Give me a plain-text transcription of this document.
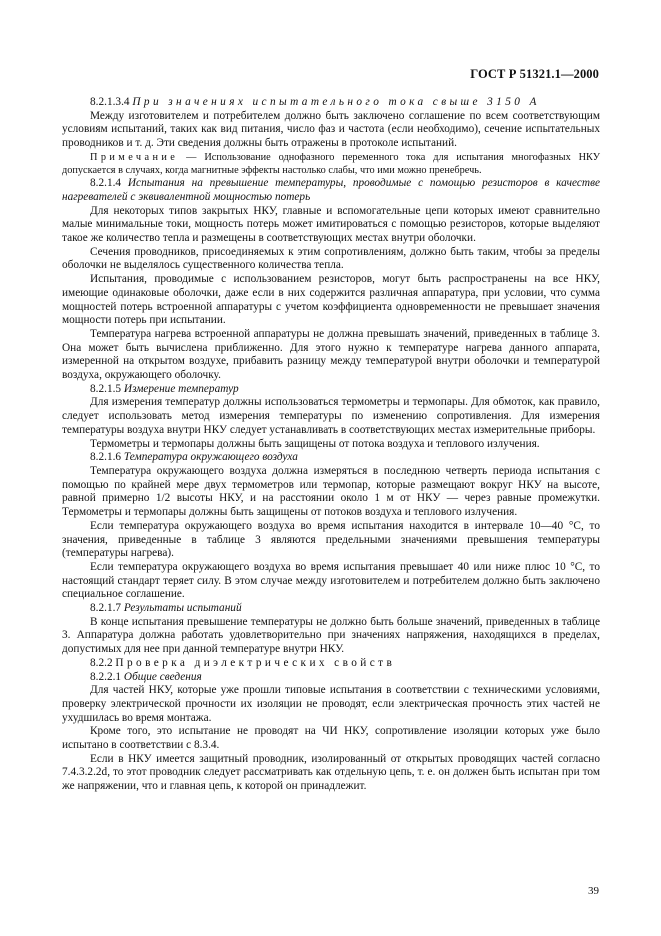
ГОСТ Р 51321.1—2000

8.2.1.3.4 При значениях испытательного тока свыше 3150 А

Между изготовителем и потребителем должно быть заключено соглашение по всем соответствующим условиям испытаний, таких как вид питания, число фаз и частота (если необходимо), сечение испытательных проводников и т. д. Эти сведения должны быть отражены в протоколе испытаний.

Примечание — Использование однофазного переменного тока для испытания многофазных НКУ допускается в случаях, когда магнитные эффекты настолько слабы, что ими можно пренебречь.

8.2.1.4 Испытания на превышение температуры, проводимые с помощью резисторов в качестве нагревателей с эквивалентной мощностью потерь

Для некоторых типов закрытых НКУ, главные и вспомогательные цепи которых имеют сравнительно малые минимальные токи, мощность потерь может имитироваться с помощью резисторов, которые выделяют такое же количество тепла и размещены в соответствующих местах внутри оболочки.

Сечения проводников, присоединяемых к этим сопротивлениям, должно быть таким, чтобы за пределы оболочки не выделялось существенного количества тепла.

Испытания, проводимые с использованием резисторов, могут быть распространены на все НКУ, имеющие одинаковые оболочки, даже если в них содержится различная аппаратура, при условии, что сумма мощностей потерь встроенной аппаратуры с учетом коэффициента одновременности не превышает значения мощности потерь при испытании.

Температура нагрева встроенной аппаратуры не должна превышать значений, приведенных в таблице 3. Она может быть вычислена приближенно. Для этого нужно к температуре нагрева данного аппарата, измеренной на открытом воздухе, прибавить разницу между температурой внутри оболочки и температурой воздуха, окружающего оболочку.

8.2.1.5 Измерение температур

Для измерения температур должны использоваться термометры и термопары. Для обмоток, как правило, следует использовать метод измерения температуры по изменению сопротивления. Для измерения температуры воздуха внутри НКУ следует устанавливать в соответствующих местах измерительные приборы.

Термометры и термопары должны быть защищены от потока воздуха и теплового излучения.

8.2.1.6 Температура окружающего воздуха

Температура окружающего воздуха должна измеряться в последнюю четверть периода испытания с помощью по крайней мере двух термометров или термопар, которые размещают вокруг НКУ на высоте, равной примерно 1/2 высоты НКУ, и на расстоянии около 1 м от НКУ — через равные промежутки. Термометры и термопары должны быть защищены от потоков воздуха и теплового излучения.

Если температура окружающего воздуха во время испытания находится в интервале 10—40 °С, то значения, приведенные в таблице 3 являются предельными значениями превышения температуры (температуры нагрева).

Если температура окружающего воздуха во время испытания превышает 40 или ниже плюс 10 °С, то настоящий стандарт теряет силу. В этом случае между изготовителем и потребителем должно быть заключено специальное соглашение.

8.2.1.7 Результаты испытаний

В конце испытания превышение температуры не должно быть больше значений, приведенных в таблице 3. Аппаратура должна работать удовлетворительно при значениях напряжения, находящихся в пределах, допустимых для нее при данной температуре внутри НКУ.

8.2.2 Проверка диэлектрических свойств

8.2.2.1 Общие сведения

Для частей НКУ, которые уже прошли типовые испытания в соответствии с техническими условиями, проверку электрической прочности их изоляции не проводят, если электрическая прочность этих частей не ухудшилась во время монтажа.

Кроме того, это испытание не проводят на ЧИ НКУ, сопротивление изоляции которых уже было испытано в соответствии с 8.3.4.

Если в НКУ имеется защитный проводник, изолированный от открытых проводящих частей согласно 7.4.3.2.2d, то этот проводник следует рассматривать как отдельную цепь, т. е. он должен быть испытан при том же напряжении, что и главная цепь, к которой он принадлежит.

39
